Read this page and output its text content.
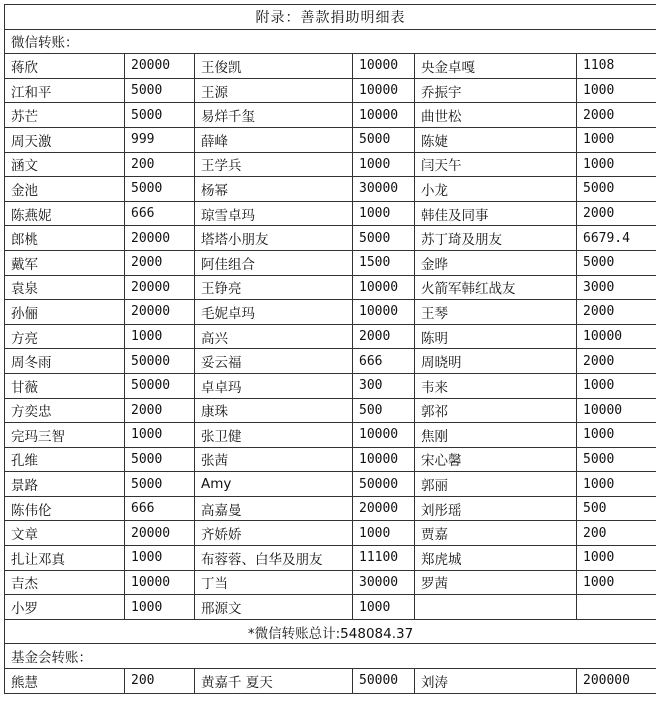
附录：善款捐助明细表					
微信转账：					
蒋欣	20000	王俊凯	10000	央金卓嘎	1108
江和平	5000	王源	10000	乔振宇	1000
苏芒	5000	易烊千玺	10000	曲世松	2000
周天激	999	薛峰	5000	陈婕	1000
涵文	200	王学兵	1000	闫天午	1000
金池	5000	杨幂	30000	小龙	5000
陈燕妮	666	琼雪卓玛	1000	韩佳及同事	2000
郎桃	20000	塔塔小朋友	5000	苏丁琦及朋友	6679.4
戴军	2000	阿佳组合	1500	金晔	5000
袁泉	20000	王铮亮	10000	火箭军韩红战友	3000
孙俪	20000	毛妮卓玛	10000	王琴	2000
方亮	1000	高兴	2000	陈明	10000
周冬雨	50000	妥云福	666	周晓明	2000
甘薇	50000	卓卓玛	300	韦来	1000
方奕忠	2000	康珠	500	郭祁	10000
完玛三智	1000	张卫健	10000	焦刚	1000
孔维	5000	张茜	10000	宋心馨	5000
景路	5000	Amy	50000	郭丽	1000
陈伟伦	666	高嘉曼	20000	刘彤瑶	500
文章	20000	齐娇娇	1000	贾嘉	200
扎让邓真	1000	布蓉蓉、白华及朋友	11100	郑虎城	1000
吉杰	10000	丁当	30000	罗茜	1000
小罗	1000	邢源文	1000		
*微信转账总计:548084.37					
基金会转账：					
熊慧	200	黄嘉千 夏天	50000	刘涛	200000
